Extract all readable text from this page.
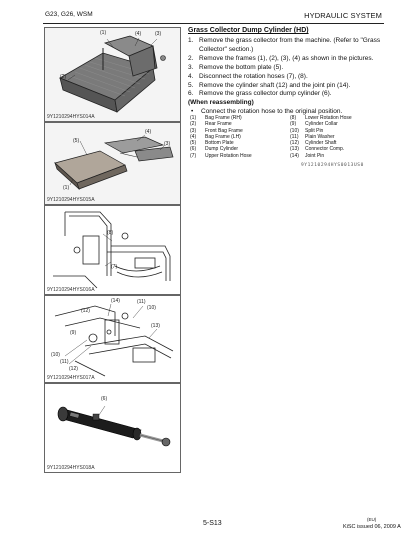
G23, G26, WSM	HYDRAULIC SYSTEM
(1)	(4)	(3)
(2)
9Y1210294HYS014A
(4)
(5)	(3)
(1)
9Y1210294HYS015A
(8)
(7)
9Y1210294HYS016A
(14)	(11)
(10)
(12)
(13)
(9)
(10)
(11)
(12)
9Y1210294HYS017A
(6)
9Y1210294HYS018A
Grass Collector Dump Cylinder (HD)
1. Remove the grass collector from the machine. (Refer to "Grass Collector" section.)
2. Remove the frames (1), (2), (3), (4) as shown in the pictures.
3. Remove the bottom plate (5).
4. Disconnect the rotation hoses (7), (8).
5. Remove the cylinder shaft (12) and the joint pin (14).
6. Remove the grass collector dump cylinder (6).
(When reassembling)
•	Connect the rotation hose to the original position.
(1)	Bag Frame (RH)
(2)	Rear Frame
(3)	Front Bag Frame
(4)	Bag Frame (LH)
(5)	Bottom Plate
(6)	Dump Cylinder
(7)	Upper Rotation Hose
(8)	Lower Rotation Hose
(9)	Cylinder Collar
(10)	Split Pin
(11)	Plain Washer
(12)	Cylinder Shaft
(13)	Connector Comp.
(14)	Joint Pin
9Y1210294HYS0013US0
5-S13
(EU)
KiSC issued 06, 2009 A
